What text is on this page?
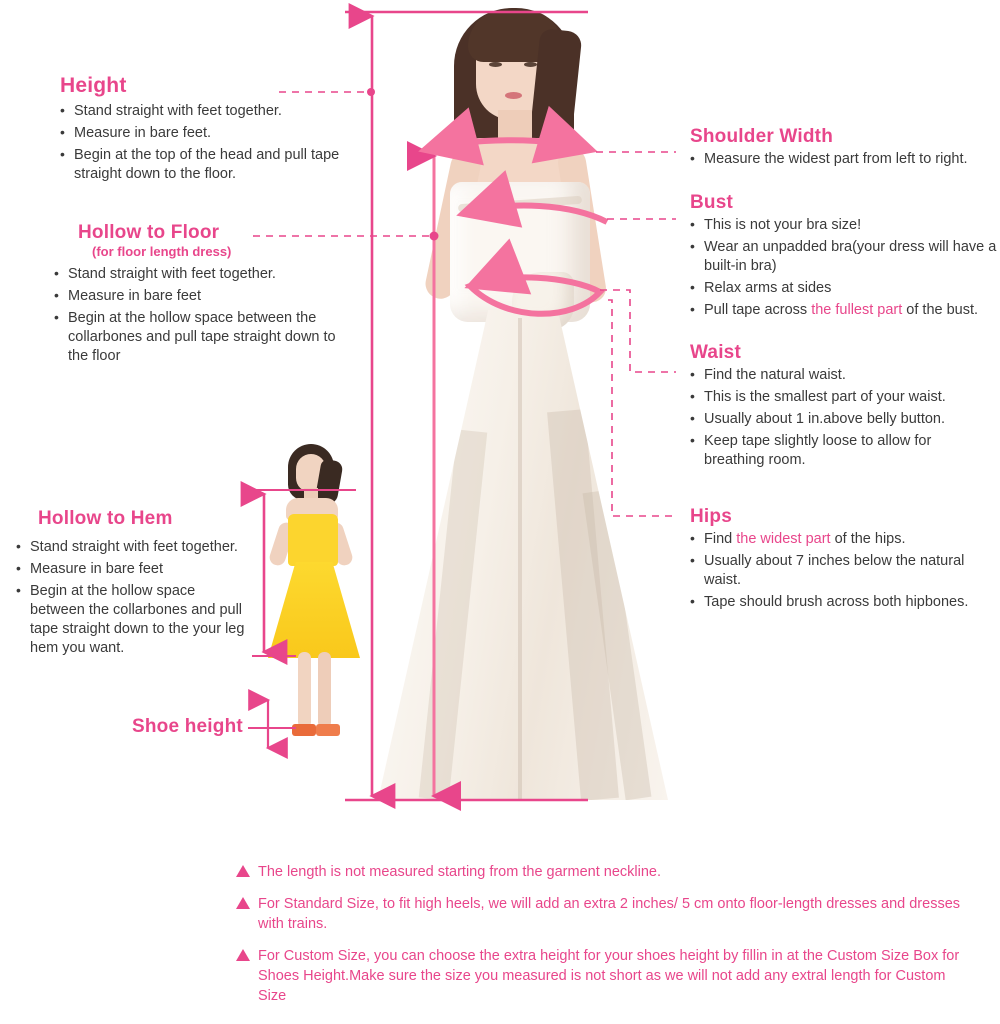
Height
• Stand straight with feet together.
• Measure in bare feet.
• Begin at the top of the head and pull tape straight down to the floor.
Hollow to Floor
(for floor length dress)
• Stand straight with feet together.
• Measure in bare feet
• Begin at the hollow space between the collarbones and pull tape straight down to the floor
Hollow to Hem
• Stand straight with feet together.
• Measure in bare feet
• Begin at the hollow space between the collarbones and pull tape straight down to the your leg hem you want.
Shoe height
Shoulder Width
• Measure the widest part from left to right.
Bust
• This is not your bra size!
• Wear an unpadded bra(your dress will have a built-in bra)
• Relax arms at sides
• Pull tape across the fullest part of the bust.
Waist
• Find the natural waist.
• This is the smallest part of your waist.
• Usually about 1 in.above belly button.
• Keep tape slightly loose to allow for breathing room.
Hips
• Find the widest part of the hips.
• Usually about 7 inches below the natural waist.
• Tape should brush across both hipbones.
The length is not measured starting from the garment neckline.
For Standard Size, to fit high heels, we will add an extra 2 inches/ 5 cm onto floor-length dresses and dresses with trains.
For Custom Size, you can choose the extra height for your shoes height by fillin in at the Custom Size Box for Shoes Height.Make sure the size you measured is not short as we will not add any extral length for Custom Size
